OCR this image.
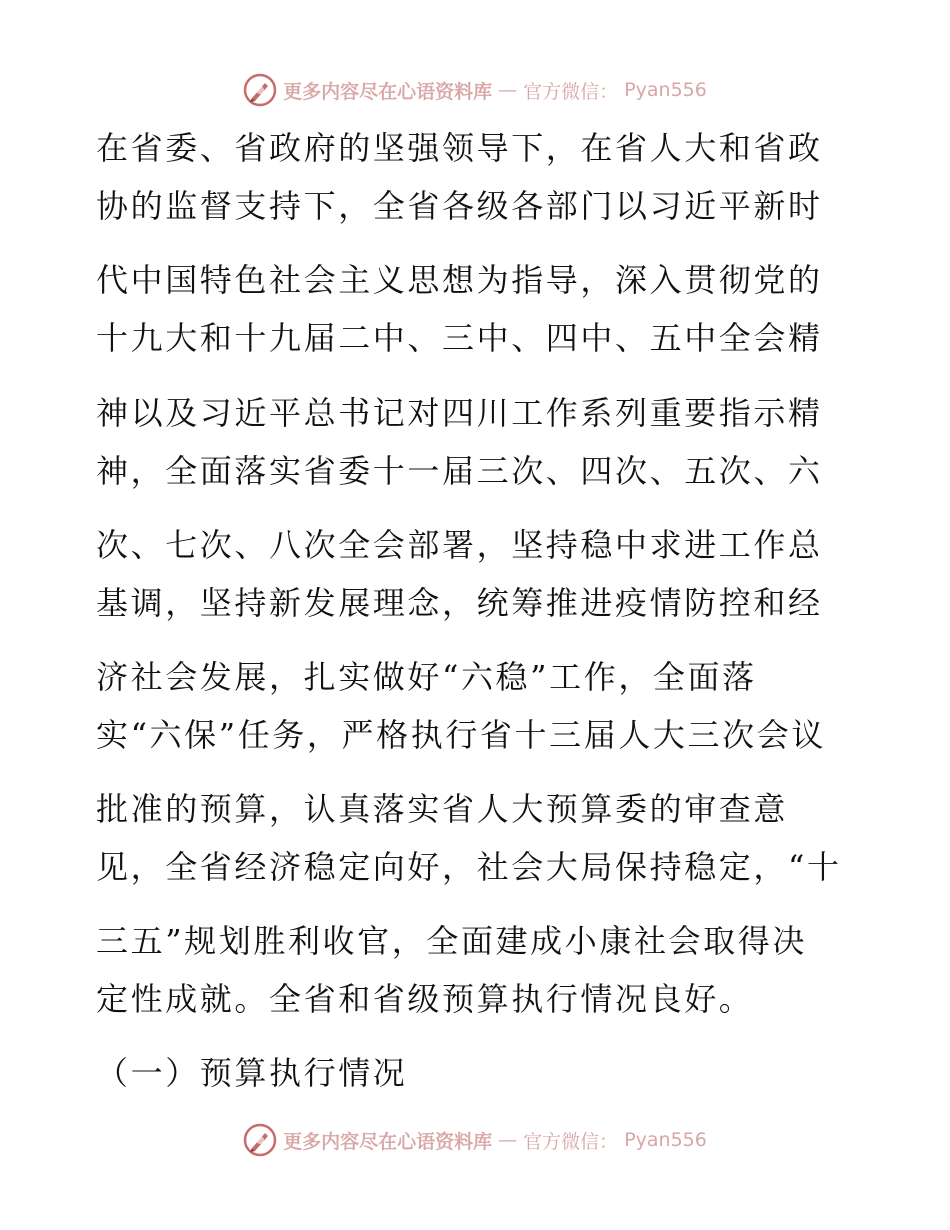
更多内容尽在心语资料库 — 官方微信： Pyan556
在省委、省政府的坚强领导下，在省人大和省政
协的监督支持下，全省各级各部门以习近平新时
代中国特色社会主义思想为指导，深入贯彻党的
十九大和十九届二中、三中、四中、五中全会精
神以及习近平总书记对四川工作系列重要指示精
神，全面落实省委十一届三次、四次、五次、六
次、七次、八次全会部署，坚持稳中求进工作总
基调，坚持新发展理念，统筹推进疫情防控和经
济社会发展，扎实做好“六稳”工作，全面落
实“六保”任务，严格执行省十三届人大三次会议
批准的预算，认真落实省人大预算委的审查意
见，全省经济稳定向好，社会大局保持稳定，“十
三五”规划胜利收官，全面建成小康社会取得决
定性成就。全省和省级预算执行情况良好。
（一）预算执行情况
更多内容尽在心语资料库 — 官方微信： Pyan556
